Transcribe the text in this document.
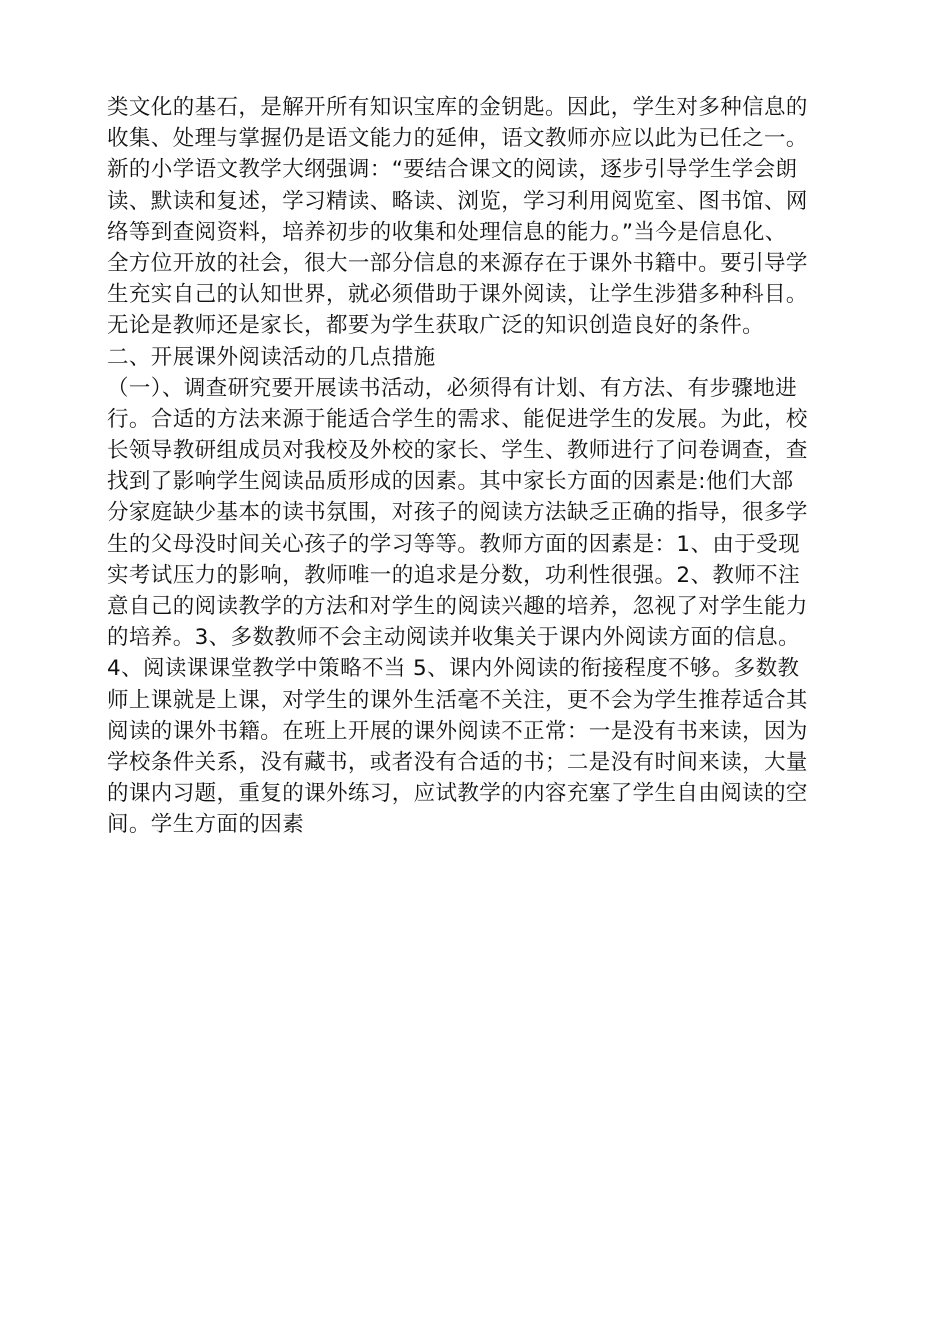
类文化的基石，是解开所有知识宝库的金钥匙。因此，学生对多种信息的
收集、处理与掌握仍是语文能力的延伸，语文教师亦应以此为已任之一。
新的小学语文教学大纲强调：“要结合课文的阅读，逐步引导学生学会朗
读、默读和复述，学习精读、略读、浏览，学习利用阅览室、图书馆、网
络等到查阅资料，培养初步的收集和处理信息的能力。”当今是信息化、
全方位开放的社会，很大一部分信息的来源存在于课外书籍中。要引导学
生充实自己的认知世界，就必须借助于课外阅读，让学生涉猎多种科目。
无论是教师还是家长，都要为学生获取广泛的知识创造良好的条件。
二、开展课外阅读活动的几点措施
（一）、调查研究要开展读书活动，必须得有计划、有方法、有步骤地进
行。合适的方法来源于能适合学生的需求、能促进学生的发展。为此，校
长领导教研组成员对我校及外校的家长、学生、教师进行了问卷调查，查
找到了影响学生阅读品质形成的因素。其中家长方面的因素是:他们大部
分家庭缺少基本的读书氛围，对孩子的阅读方法缺乏正确的指导，很多学
生的父母没时间关心孩子的学习等等。教师方面的因素是：1、由于受现
实考试压力的影响，教师唯一的追求是分数，功利性很强。2、教师不注
意自己的阅读教学的方法和对学生的阅读兴趣的培养，忽视了对学生能力
的培养。3、多数教师不会主动阅读并收集关于课内外阅读方面的信息。
4、阅读课课堂教学中策略不当 5、课内外阅读的衔接程度不够。多数教
师上课就是上课，对学生的课外生活毫不关注，更不会为学生推荐适合其
阅读的课外书籍。在班上开展的课外阅读不正常：一是没有书来读，因为
学校条件关系，没有藏书，或者没有合适的书；二是没有时间来读，大量
的课内习题，重复的课外练习，应试教学的内容充塞了学生自由阅读的空
间。学生方面的因素
